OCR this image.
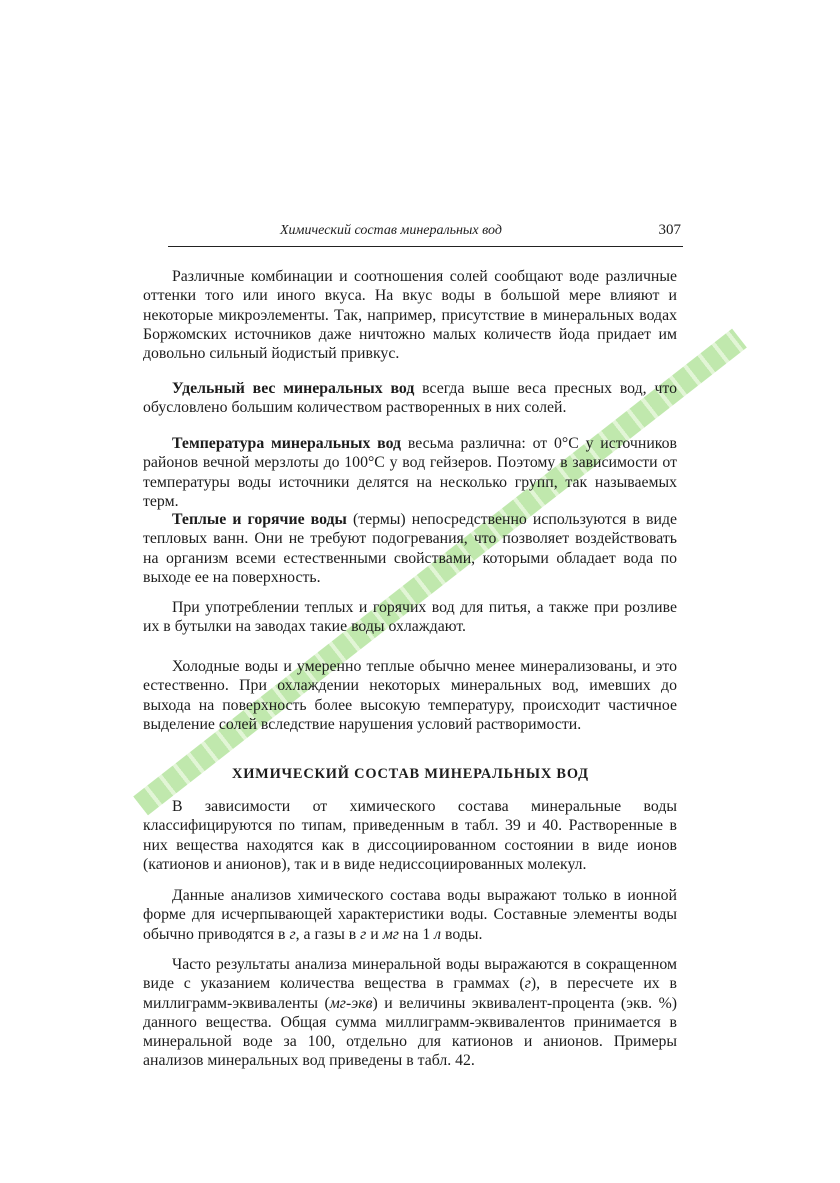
Химический состав минеральных вод	307

Различные комбинации и соотношения солей сообщают воде различные оттенки того или иного вкуса. На вкус воды в большой мере влияют и некоторые микроэлементы. Так, например, присутствие в минеральных водах Боржомских источников даже ничтожно малых количеств йода придает им довольно сильный йодистый привкус.

Удельный вес минеральных вод всегда выше веса пресных вод, что обусловлено большим количеством растворенных в них солей.

Температура минеральных вод весьма различна: от 0°С у источников районов вечной мерзлоты до 100°С у вод гейзеров. Поэтому в зависимости от температуры воды источники делятся на несколько групп, так называемых терм.

Теплые и горячие воды (термы) непосредственно используются в виде тепловых ванн. Они не требуют подогревания, что позволяет воздействовать на организм всеми естественными свойствами, которыми обладает вода по выходе ее на поверхность.

При употреблении теплых и горячих вод для питья, а также при розливе их в бутылки на заводах такие воды охлаждают.

Холодные воды и умеренно теплые обычно менее минерализованы, и это естественно. При охлаждении некоторых минеральных вод, имевших до выхода на поверхность более высокую температуру, происходит частичное выделение солей вследствие нарушения условий растворимости.

ХИМИЧЕСКИЙ СОСТАВ МИНЕРАЛЬНЫХ ВОД

В зависимости от химического состава минеральные воды классифицируются по типам, приведенным в табл. 39 и 40. Растворенные в них вещества находятся как в диссоциированном состоянии в виде ионов (катионов и анионов), так и в виде недиссоциированных молекул.

Данные анализов химического состава воды выражают только в ионной форме для исчерпывающей характеристики воды. Составные элементы воды обычно приводятся в г, а газы в г и мг на 1 л воды.

Часто результаты анализа минеральной воды выражаются в сокращенном виде с указанием количества вещества в граммах (г), в пересчете их в миллиграмм-эквиваленты (мг-экв) и величины эквивалент-процента (экв. %) данного вещества. Общая сумма миллиграмм-эквивалентов принимается в минеральной воде за 100, отдельно для катионов и анионов. Примеры анализов минеральных вод приведены в табл. 42.
